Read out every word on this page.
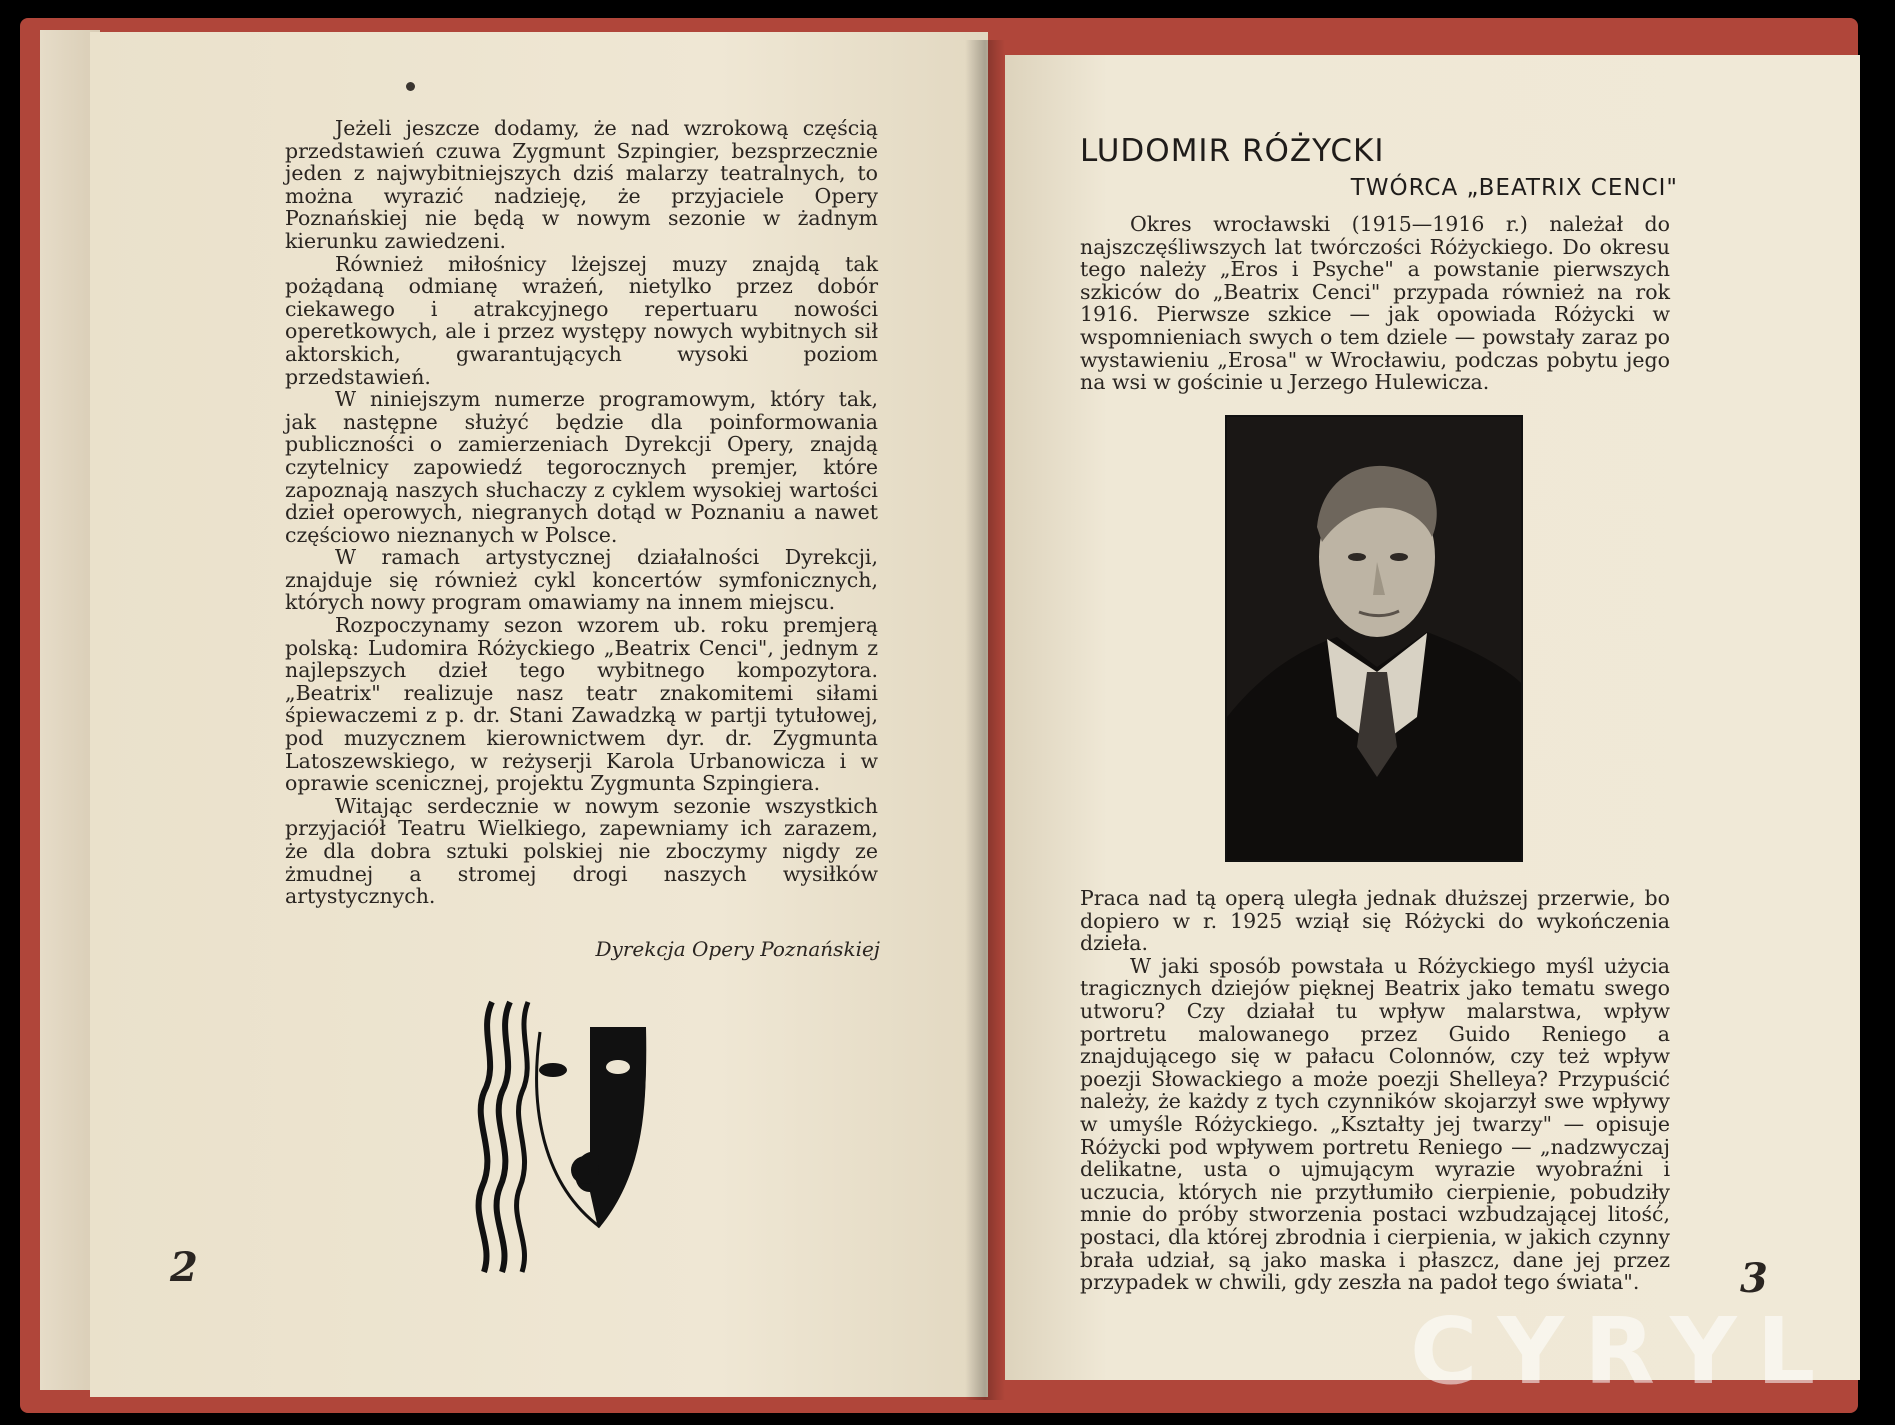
Jeżeli jeszcze dodamy, że nad wzrokową częścią przedstawień czuwa Zygmunt Szpingier, bezsprzecznie jeden z najwybitniejszych dziś malarzy teatralnych, to można wyrazić nadzieję, że przyjaciele Opery Poznańskiej nie będą w nowym sezonie w żadnym kierunku zawiedzeni.

Również miłośnicy lżejszej muzy znajdą tak pożądaną odmianę wrażeń, nietylko przez dobór ciekawego i atrakcyjnego repertuaru nowości operetkowych, ale i przez występy nowych wybitnych sił aktorskich, gwarantujących wysoki poziom przedstawień.

W niniejszym numerze programowym, który tak, jak następne służyć będzie dla poinformowania publiczności o zamierzeniach Dyrekcji Opery, znajdą czytelnicy zapowiedź tegorocznych premjer, które zapoznają naszych słuchaczy z cyklem wysokiej wartości dzieł operowych, niegranych dotąd w Poznaniu a nawet częściowo nieznanych w Polsce.

W ramach artystycznej działalności Dyrekcji, znajduje się również cykl koncertów symfonicznych, których nowy program omawiamy na innem miejscu.

Rozpoczynamy sezon wzorem ub. roku premjerą polską: Ludomira Różyckiego „Beatrix Cenci", jednym z najlepszych dzieł tego wybitnego kompozytora. „Beatrix" realizuje nasz teatr znakomitemi siłami śpiewaczemi z p. dr. Stani Zawadzką w partji tytułowej, pod muzycznem kierownictwem dyr. dr. Zygmunta Latoszewskiego, w reżyserji Karola Urbanowicza i w oprawie scenicznej, projektu Zygmunta Szpingiera.

Witając serdecznie w nowym sezonie wszystkich przyjaciół Teatru Wielkiego, zapewniamy ich zarazem, że dla dobra sztuki polskiej nie zboczymy nigdy ze żmudnej a stromej drogi naszych wysiłków artystycznych.

Dyrekcja Opery Poznańskiej
2
LUDOMIR RÓŻYCKI
TWÓRCA „BEATRIX CENCI"

Okres wrocławski (1915—1916 r.) należał do najszczęśliwszych lat twórczości Różyckiego. Do okresu tego należy „Eros i Psyche" a powstanie pierwszych szkiców do „Beatrix Cenci" przypada również na rok 1916. Pierwsze szkice — jak opowiada Różycki w wspomnieniach swych o tem dziele — powstały zaraz po wystawieniu „Erosa" w Wrocławiu, podczas pobytu jego na wsi w gościnie u Jerzego Hulewicza.

Praca nad tą operą uległa jednak dłuższej przerwie, bo dopiero w r. 1925 wziął się Różycki do wykończenia dzieła.

W jaki sposób powstała u Różyckiego myśl użycia tragicznych dziejów pięknej Beatrix jako tematu swego utworu? Czy działał tu wpływ malarstwa, wpływ portretu malowanego przez Guido Reniego a znajdującego się w pałacu Colonnów, czy też wpływ poezji Słowackiego a może poezji Shelleya? Przypuścić należy, że każdy z tych czynników skojarzył swe wpływy w umyśle Różyckiego. „Kształty jej twarzy" — opisuje Różycki pod wpływem portretu Reniego — „nadzwyczaj delikatne, usta o ujmującym wyrazie wyobraźni i uczucia, których nie przytłumiło cierpienie, pobudziły mnie do próby stworzenia postaci wzbudzającej litość, postaci, dla której zbrodnia i cierpienia, w jakich czynny brała udział, są jako maska i płaszcz, dane jej przez przypadek w chwili, gdy zeszła na padoł tego świata".	3
CYRYL
